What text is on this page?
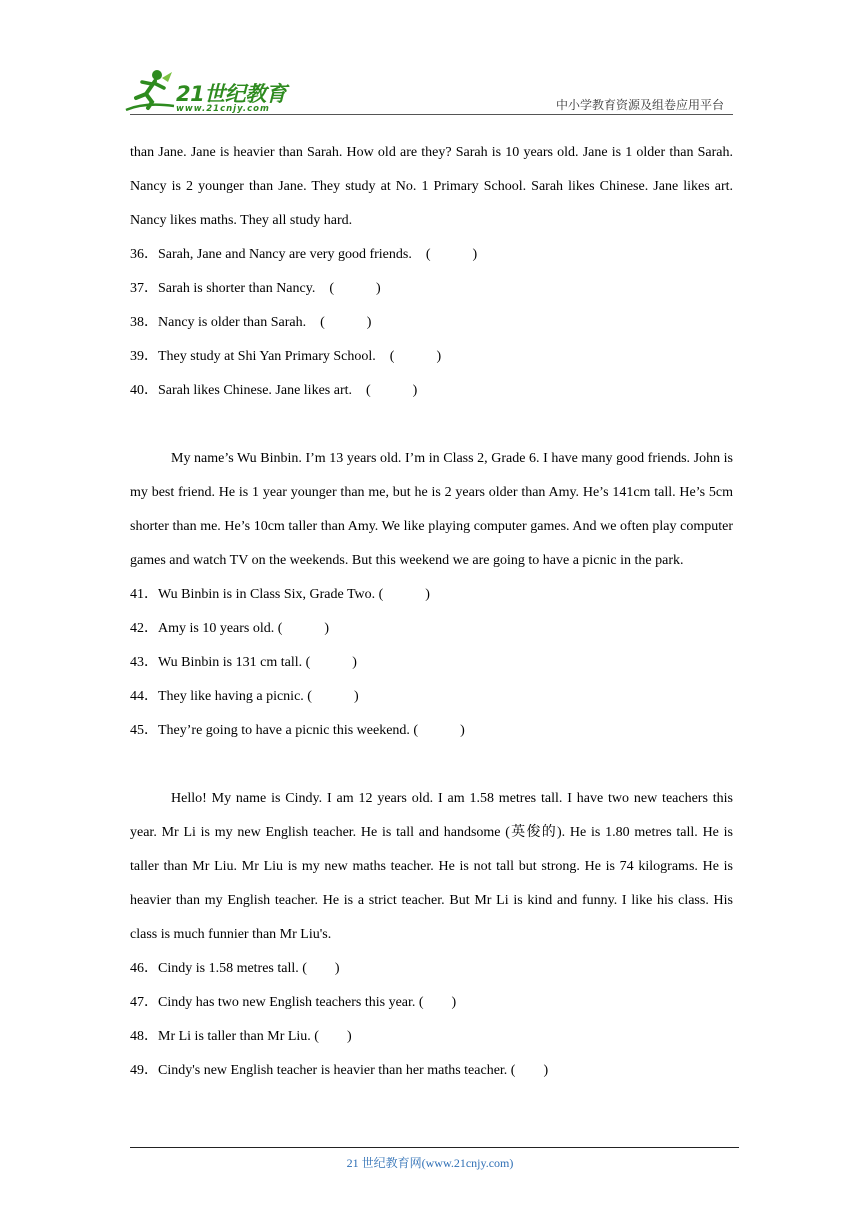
21世纪教育
www.21cnjy.com	中小学教育资源及组卷应用平台

than Jane. Jane is heavier than Sarah. How old are they? Sarah is 10 years old. Jane is 1 older than Sarah. Nancy is 2 younger than Jane. They study at No. 1 Primary School. Sarah likes Chinese. Jane likes art. Nancy likes maths. They all study hard.

36．Sarah, Jane and Nancy are very good friends.　(　　　)

37．Sarah is shorter than Nancy.　(　　　)

38．Nancy is older than Sarah.　(　　　)

39．They study at Shi Yan Primary School.　(　　　)

40．Sarah likes Chinese. Jane likes art.　(　　　)

My name’s Wu Binbin. I’m 13 years old. I’m in Class 2, Grade 6. I have many good friends. John is my best friend. He is 1 year younger than me, but he is 2 years older than Amy. He’s 141cm tall. He’s 5cm shorter than me. He’s 10cm taller than Amy. We like playing computer games. And we often play computer games and watch TV on the weekends. But this weekend we are going to have a picnic in the park.

41．Wu Binbin is in Class Six, Grade Two. (　　　)

42．Amy is 10 years old. (　　　)

43．Wu Binbin is 131 cm tall. (　　　)

44．They like having a picnic. (　　　)

45．They’re going to have a picnic this weekend. (　　　)

Hello! My name is Cindy. I am 12 years old. I am 1.58 metres tall. I have two new teachers this year. Mr Li is my new English teacher. He is tall and handsome (英俊的). He is 1.80 metres tall. He is taller than Mr Liu. Mr Liu is my new maths teacher. He is not tall but strong. He is 74 kilograms. He is heavier than my English teacher. He is a strict teacher. But Mr Li is kind and funny. I like his class. His class is much funnier than Mr Liu's.

46．Cindy is 1.58 metres tall. (　　)

47．Cindy has two new English teachers this year. (　　)

48．Mr Li is taller than Mr Liu. (　　)

49．Cindy's new English teacher is heavier than her maths teacher. (　　)

21 世纪教育网(www.21cnjy.com)
